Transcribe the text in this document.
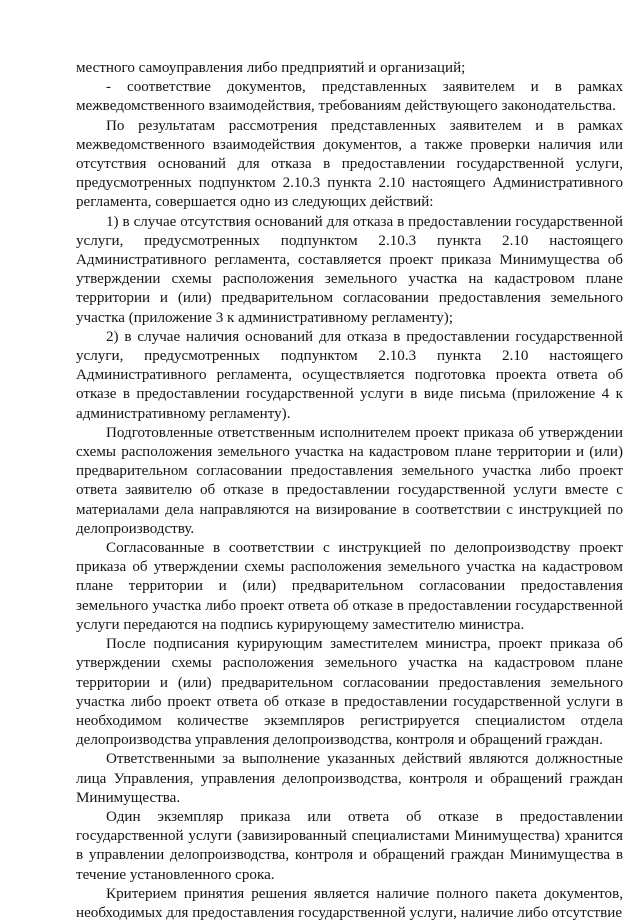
местного самоуправления либо предприятий и организаций;

- соответствие документов, представленных заявителем и в рамках межведомственного взаимодействия, требованиям действующего законодательства.

По результатам рассмотрения представленных заявителем и в рамках межведомственного взаимодействия документов, а также проверки наличия или отсутствия оснований для отказа в предоставлении государственной услуги, предусмотренных подпунктом 2.10.3 пункта 2.10 настоящего Административного регламента, совершается одно из следующих действий:

1) в случае отсутствия оснований для отказа в предоставлении государственной услуги, предусмотренных подпунктом 2.10.3 пункта 2.10 настоящего Административного регламента, составляется проект приказа Минимущества об утверждении схемы расположения земельного участка на кадастровом плане территории и (или) предварительном согласовании предоставления земельного участка (приложение 3 к административному регламенту);

2) в случае наличия оснований для отказа в предоставлении государственной услуги, предусмотренных подпунктом 2.10.3 пункта 2.10 настоящего Административного регламента, осуществляется подготовка проекта ответа об отказе в предоставлении государственной услуги в виде письма (приложение 4 к административному регламенту).

Подготовленные ответственным исполнителем проект приказа об утверждении схемы расположения земельного участка на кадастровом плане территории и (или) предварительном согласовании предоставления земельного участка либо проект ответа заявителю об отказе в предоставлении государственной услуги вместе с материалами дела направляются на визирование в соответствии с инструкцией по делопроизводству.

Согласованные в соответствии с инструкцией по делопроизводству проект приказа об утверждении схемы расположения земельного участка на кадастровом плане территории и (или) предварительном согласовании предоставления земельного участка либо проект ответа об отказе в предоставлении государственной услуги передаются на подпись курирующему заместителю министра.

После подписания курирующим заместителем министра, проект приказа об утверждении схемы расположения земельного участка на кадастровом плане территории и (или) предварительном согласовании предоставления земельного участка либо проект ответа об отказе в предоставлении государственной услуги в необходимом количестве экземпляров регистрируется специалистом отдела делопроизводства управления делопроизводства, контроля и обращений граждан.

Ответственными за выполнение указанных действий являются должностные лица Управления, управления делопроизводства, контроля и обращений граждан Минимущества.

Один экземпляр приказа или ответа об отказе в предоставлении государственной услуги (завизированный специалистами Минимущества) хранится в управлении делопроизводства, контроля и обращений граждан Минимущества в течение установленного срока.

Критерием принятия решения является наличие полного пакета документов, необходимых для предоставления государственной услуги, наличие либо отсутствие
